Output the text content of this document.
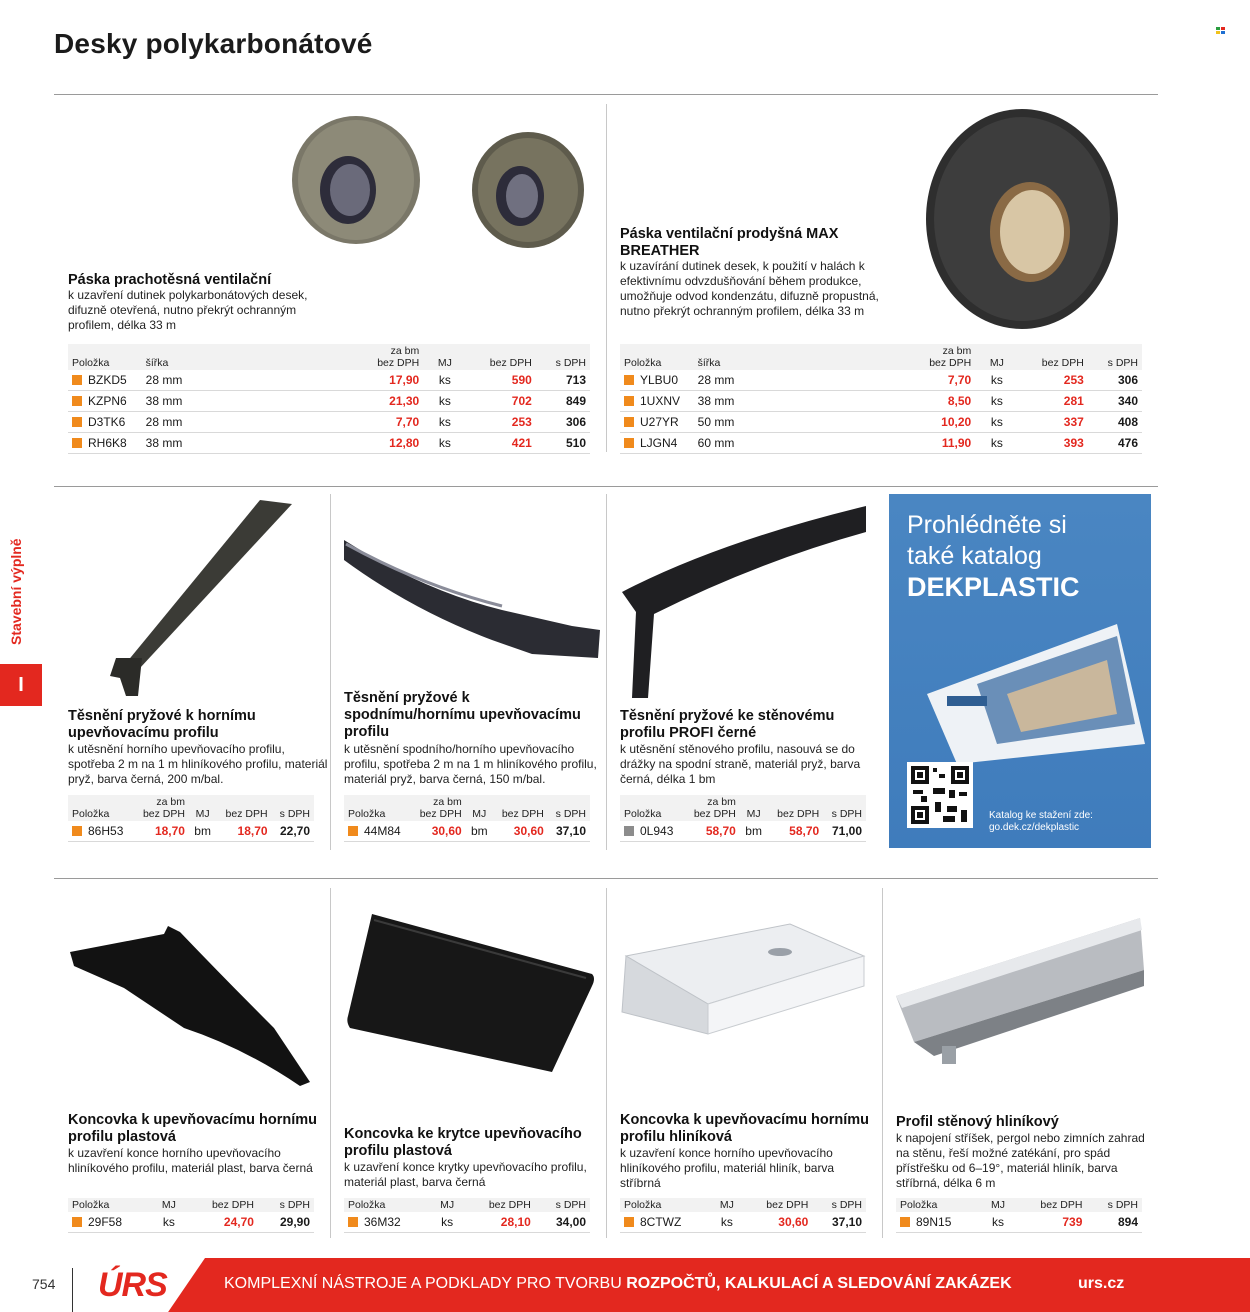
Desky polykarbonátové
Stavební výplně
I
Páska prachotěsná ventilační
k uzavření dutinek polykarbonátových desek, difuzně otevřená, nutno překrýt ochranným profilem, délka 33 m
Položka	šířka	za bm
bez DPH	MJ	bez DPH	s DPH
BZKD5	28 mm	17,90	ks	590	713
KZPN6	38 mm	21,30	ks	702	849
D3TK6	28 mm	7,70	ks	253	306
RH6K8	38 mm	12,80	ks	421	510
Páska ventilační prodyšná MAX BREATHER
k uzavírání dutinek desek, k použití v halách k efektivnímu odvzdušňování během produkce, umožňuje odvod kondenzátu, difuzně propustná, nutno překrýt ochranným profilem, délka 33 m
Položka	šířka	za bm
bez DPH	MJ	bez DPH	s DPH
YLBU0	28 mm	7,70	ks	253	306
1UXNV	38 mm	8,50	ks	281	340
U27YR	50 mm	10,20	ks	337	408
LJGN4	60 mm	11,90	ks	393	476
Těsnění pryžové k hornímu upevňovacímu profilu
k utěsnění horního upevňovacího profilu, spotřeba 2 m na 1 m hliníkového profilu, materiál pryž, barva černá, 200 m/bal.
Položka	za bm
bez DPH	MJ	bez DPH	s DPH
86H53	18,70	bm	18,70	22,70
Těsnění pryžové k spodnímu/hornímu upevňovacímu profilu
k utěsnění spodního/horního upevňovacího profilu, spotřeba 2 m na 1 m hliníkového profilu, materiál pryž, barva černá, 150 m/bal.
Položka	za bm
bez DPH	MJ	bez DPH	s DPH
44M84	30,60	bm	30,60	37,10
Těsnění pryžové ke stěnovému profilu PROFI černé
k utěsnění stěnového profilu, nasouvá se do drážky na spodní straně, materiál pryž, barva černá, délka 1 bm
Položka	za bm
bez DPH	MJ	bez DPH	s DPH
0L943	58,70	bm	58,70	71,00
Prohlédněte si
také katalog
DEKPLASTIC
Katalog ke stažení zde:
go.dek.cz/dekplastic
Koncovka k upevňovacímu hornímu profilu plastová
k uzavření konce horního upevňovacího hliníkového profilu, materiál plast, barva černá
Položka	MJ	bez DPH	s DPH
29F58	ks	24,70	29,90
Koncovka ke krytce upevňovacího profilu plastová
k uzavření konce krytky upevňovacího profilu, materiál plast, barva černá
Položka	MJ	bez DPH	s DPH
36M32	ks	28,10	34,00
Koncovka k upevňovacímu hornímu profilu hliníková
k uzavření konce horního upevňovacího hliníkového profilu, materiál hliník, barva stříbrná
Položka	MJ	bez DPH	s DPH
8CTWZ	ks	30,60	37,10
Profil stěnový hliníkový
k napojení stříšek, pergol nebo zimních zahrad na stěnu, řeší možné zatékání, pro spád přístřešku od 6–19°, materiál hliník, barva stříbrná, délka 6 m
Položka	MJ	bez DPH	s DPH
89N15	ks	739	894
754 ÚRS	KOMPLEXNÍ NÁSTROJE A PODKLADY PRO TVORBU ROZPOČTŮ, KALKULACÍ A SLEDOVÁNÍ ZAKÁZEK	urs.cz
